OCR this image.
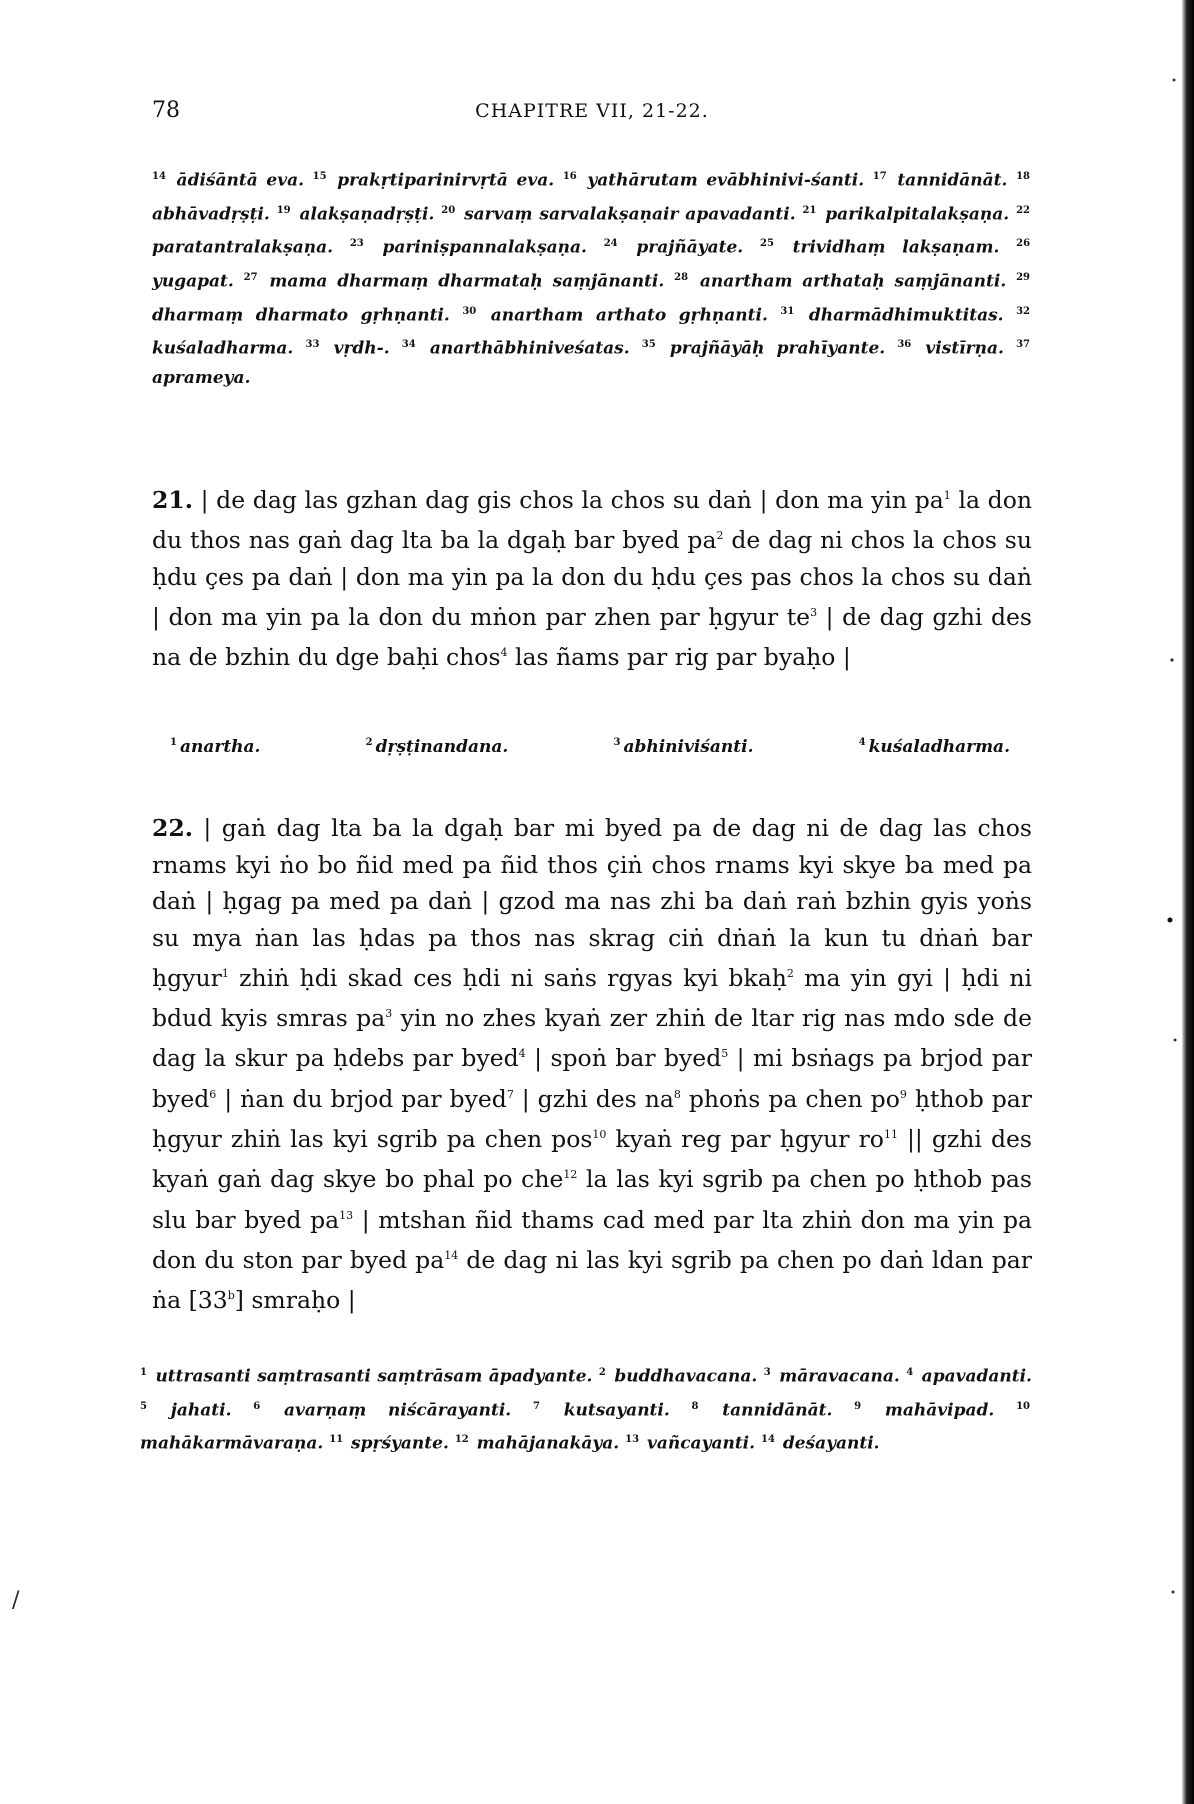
78	CHAPITRE VII, 21-22.
$^{14}$ ādiśāntā eva. $^{15}$ prakṛtiparinirvṛtā eva. $^{16}$ yathārutam evābhinivi-śanti. $^{17}$ tannidānāt. $^{18}$ abhāvadṛṣṭi. $^{19}$ alakṣaṇadṛṣṭi. $^{20}$ sarvaṃ sarvalakṣaṇair apavadanti. $^{21}$ parikalpitalakṣaṇa. $^{22}$ paratantralakṣaṇa. $^{23}$ pariniṣpannalakṣaṇa. $^{24}$ prajñāyate. $^{25}$ trividhaṃ lakṣaṇam. $^{26}$ yugapat. $^{27}$ mama dharmaṃ dharmataḥ saṃjānanti. $^{28}$ anartham arthataḥ saṃjānanti. $^{29}$ dharmaṃ dharmato gṛhṇanti. $^{30}$ anartham arthato gṛhṇanti. $^{31}$ dharmādhimuktitas. $^{32}$ kuśaladharma. $^{33}$ vṛdh-. $^{34}$ anarthābhiniveśatas. $^{35}$ prajñāyāḥ prahīyante. $^{36}$ vistīrṇa. $^{37}$ aprameya.
21. | de dag las gzhan dag gis chos la chos su daṅ | don ma yin $pa^1$ la don du thos nas gaṅ dag lta ba la dgaḥ bar byed $pa^2$ de dag ni chos la chos su ḥdu çes pa daṅ | don ma yin pa la don du ḥdu çes pas chos la chos su daṅ | don ma yin pa la don du mṅon par zhen par ḥgyur $te^3$ | de dag gzhi des na de bzhin du dge baḥi chos$^4$ las ñams par rig par byaḥo |
$^1$ anartha.	$^2$ dṛṣṭinandana.	$^3$ abhiniviśanti.	$^4$ kuśaladharma.
22. | gaṅ dag lta ba la dgaḥ bar mi byed pa de dag ni de dag las chos rnams kyi ṅo bo ñid med pa ñid thos çiṅ chos rnams kyi skye ba med pa daṅ | ḥgag pa med pa daṅ | gzod ma nas zhi ba daṅ raṅ bzhin gyis yoṅs su mya ṅan las ḥdas pa thos nas skrag ciṅ dṅaṅ la kun tu dṅaṅ bar ḥgyur$^1$ zhiṅ ḥdi skad ces ḥdi ni saṅs rgyas kyi bkaḥ$^2$ ma yin gyi | ḥdi ni bdud kyis smras $pa^3$ yin no zhes kyaṅ zer zhiṅ de ltar rig nas mdo sde de dag la skur pa ḥdebs par byed$^4$ | spoṅ bar byed$^5$ | mi bsṅags pa brjod par byed$^6$ | ṅan du brjod par byed$^7$ | gzhi des $na^8$ phoṅs pa chen $po^9$ ḥthob par ḥgyur zhiṅ las kyi sgrib pa chen pos$^{10}$ kyaṅ reg par ḥgyur $ro^{11}$ || gzhi des kyaṅ gaṅ dag skye bo phal po che$^{12}$ la las kyi sgrib pa chen po ḥthob pas slu bar byed $pa^{13}$ | mtshan ñid thams cad med par lta zhiṅ don ma yin pa don du ston par byed $pa^{14}$ de dag ni las kyi sgrib pa chen po daṅ ldan par ṅa [33$^b$] smraḥo |
$^1$ uttrasanti saṃtrasanti saṃtrāsam āpadyante. $^2$ buddhavacana. $^3$ māravacana. $^4$ apavadanti. $^5$ jahati. $^6$ avarṇaṃ niścārayanti. $^7$ kutsayanti. $^8$ tannidānāt. $^9$ mahāvipad. $^{10}$ mahākarmāvaraṇa. $^{11}$ spṛśyante. $^{12}$ mahājanakāya. $^{13}$ vañcayanti. $^{14}$ deśayanti.
/
